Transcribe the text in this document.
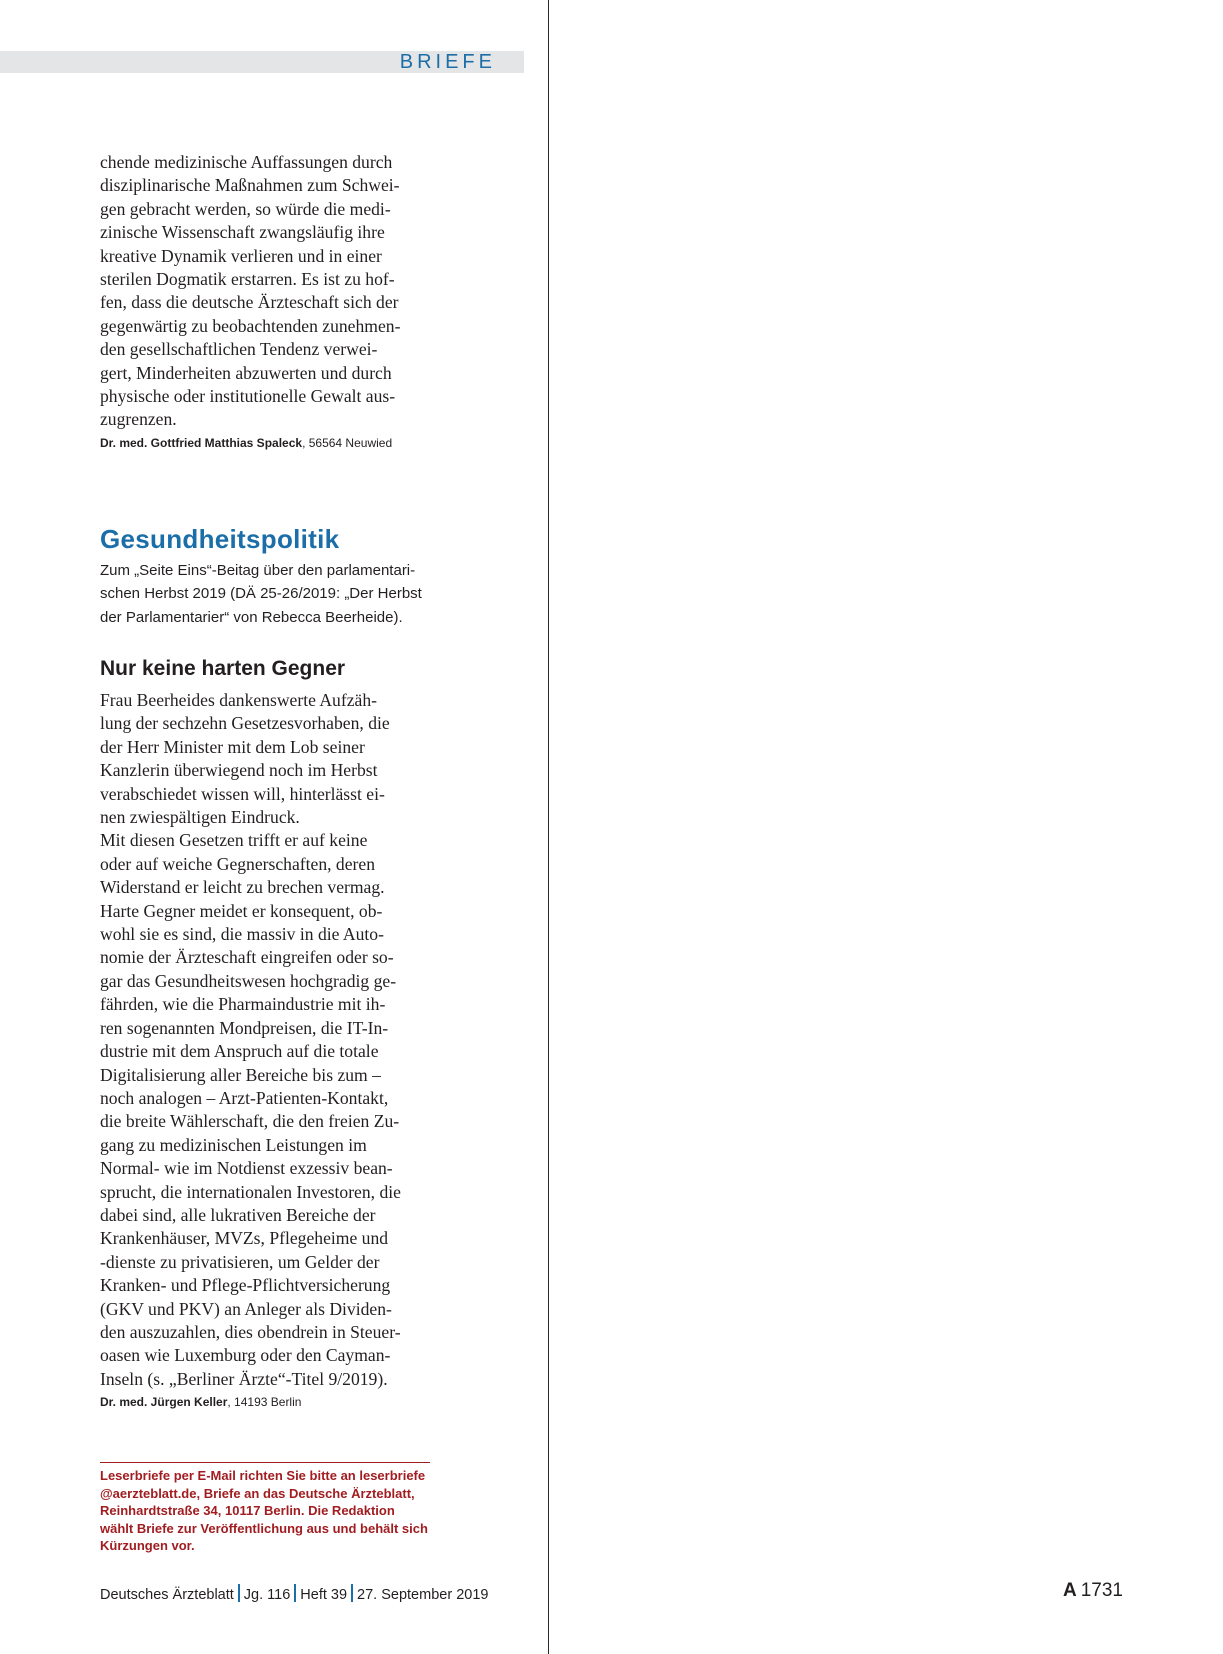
BRIEFE

chende medizinische Auffassungen durch
disziplinarische Maßnahmen zum Schwei-
gen gebracht werden, so würde die medi-
zinische Wissenschaft zwangsläufig ihre
kreative Dynamik verlieren und in einer
sterilen Dogmatik erstarren. Es ist zu hof-
fen, dass die deutsche Ärzteschaft sich der
gegenwärtig zu beobachtenden zunehmen-
den gesellschaftlichen Tendenz verwei-
gert, Minderheiten abzuwerten und durch
physische oder institutionelle Gewalt aus-
zugrenzen.

Dr. med. Gottfried Matthias Spaleck, 56564 Neuwied
Gesundheitspolitik
Zum „Seite Eins“-Beitag über den parlamentari-
schen Herbst 2019 (DÄ 25-26/2019: „Der Herbst
der Parlamentarier“ von Rebecca Beerheide).
Nur keine harten Gegner

Frau Beerheides dankenswerte Aufzäh-
lung der sechzehn Gesetzesvorhaben, die
der Herr Minister mit dem Lob seiner
Kanzlerin überwiegend noch im Herbst
verabschiedet wissen will, hinterlässt ei-
nen zwiespältigen Eindruck.
Mit diesen Gesetzen trifft er auf keine
oder auf weiche Gegnerschaften, deren
Widerstand er leicht zu brechen vermag.
Harte Gegner meidet er konsequent, ob-
wohl sie es sind, die massiv in die Auto-
nomie der Ärzteschaft eingreifen oder so-
gar das Gesundheitswesen hochgradig ge-
fährden, wie die Pharmaindustrie mit ih-
ren sogenannten Mondpreisen, die IT-In-
dustrie mit dem Anspruch auf die totale
Digitalisierung aller Bereiche bis zum –
noch analogen – Arzt-Patienten-Kontakt,
die breite Wählerschaft, die den freien Zu-
gang zu medizinischen Leistungen im
Normal- wie im Notdienst exzessiv bean-
sprucht, die internationalen Investoren, die
dabei sind, alle lukrativen Bereiche der
Krankenhäuser, MVZs, Pflegeheime und
-dienste zu privatisieren, um Gelder der
Kranken- und Pflege-Pflichtversicherung
(GKV und PKV) an Anleger als Dividen-
den auszuzahlen, dies obendrein in Steuer-
oasen wie Luxemburg oder den Cayman-
Inseln (s. „Berliner Ärzte“-Titel 9/2019).

Dr. med. Jürgen Keller, 14193 Berlin
Leserbriefe per E-Mail richten Sie bitte an leserbriefe
@aerzteblatt.de, Briefe an das Deutsche Ärzteblatt,
Reinhardtstraße 34, 10117 Berlin. Die Redaktion
wählt Briefe zur Veröffentlichung aus und behält sich
Kürzungen vor.
Deutsches Ärzteblatt Jg. 116 Heft 39 27. September 2019	A 1731
